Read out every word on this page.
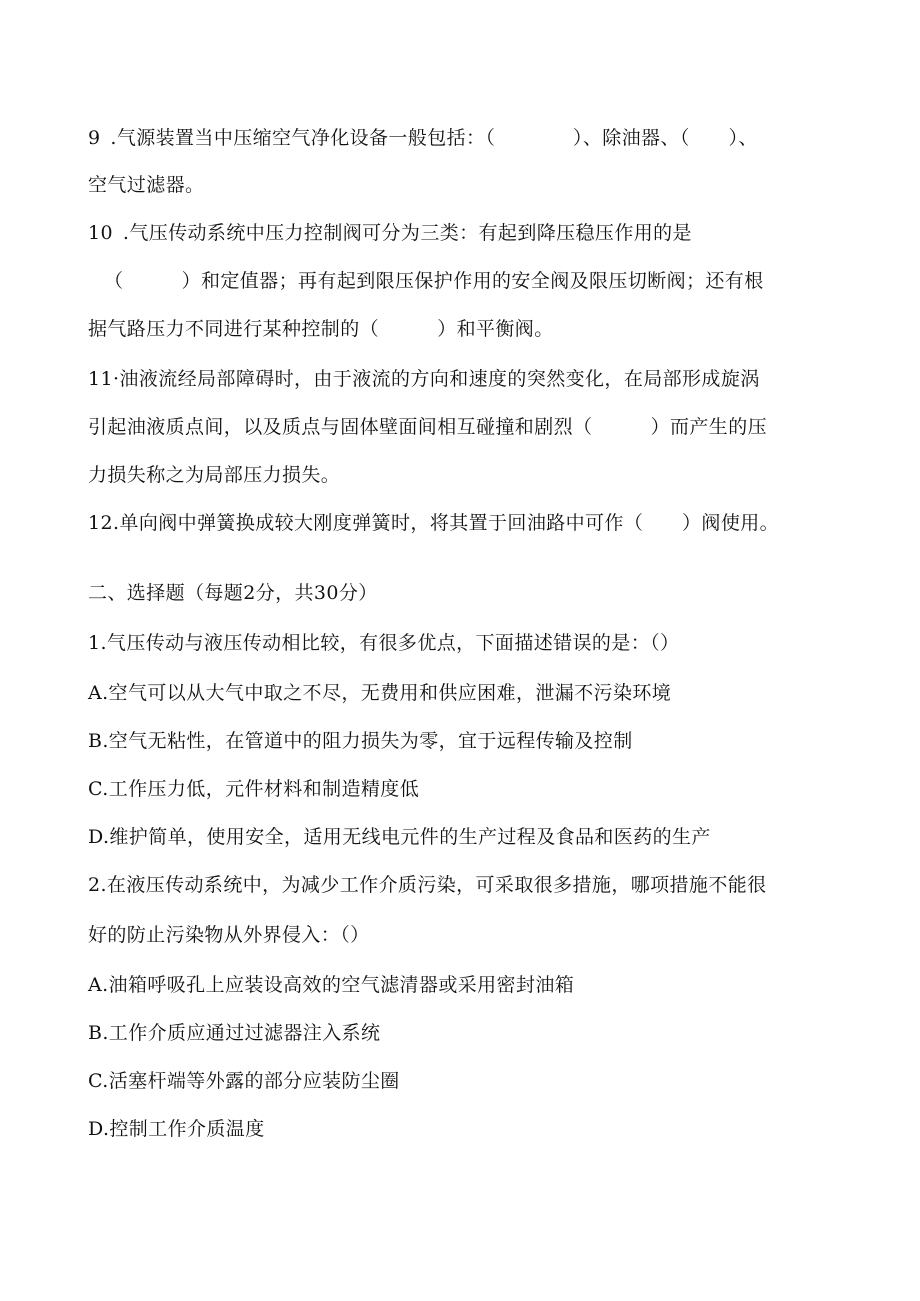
9 .气源装置当中压缩空气净化设备一般包括：（    ）、除油器、（  ）、
空气过滤器。
10 .气压传动系统中压力控制阀可分为三类：有起到降压稳压作用的是
（   ）和定值器；再有起到限压保护作用的安全阀及限压切断阀；还有根
据气路压力不同进行某种控制的（   ）和平衡阀。
11·油液流经局部障碍时，由于液流的方向和速度的突然变化，在局部形成旋涡
引起油液质点间，以及质点与固体壁面间相互碰撞和剧烈（   ）而产生的压
力损失称之为局部压力损失。
12.单向阀中弹簧换成较大刚度弹簧时，将其置于回油路中可作（  ）阀使用。
二、选择题（每题2分，共30分）
1.气压传动与液压传动相比较，有很多优点，下面描述错误的是：（）
A.空气可以从大气中取之不尽，无费用和供应困难，泄漏不污染环境
B.空气无粘性，在管道中的阻力损失为零，宜于远程传输及控制
C.工作压力低，元件材料和制造精度低
D.维护简单，使用安全，适用无线电元件的生产过程及食品和医药的生产
2.在液压传动系统中，为减少工作介质污染，可采取很多措施，哪项措施不能很
好的防止污染物从外界侵入：（）
A.油箱呼吸孔上应装设高效的空气滤清器或采用密封油箱
B.工作介质应通过过滤器注入系统
C.活塞杆端等外露的部分应装防尘圈
D.控制工作介质温度
